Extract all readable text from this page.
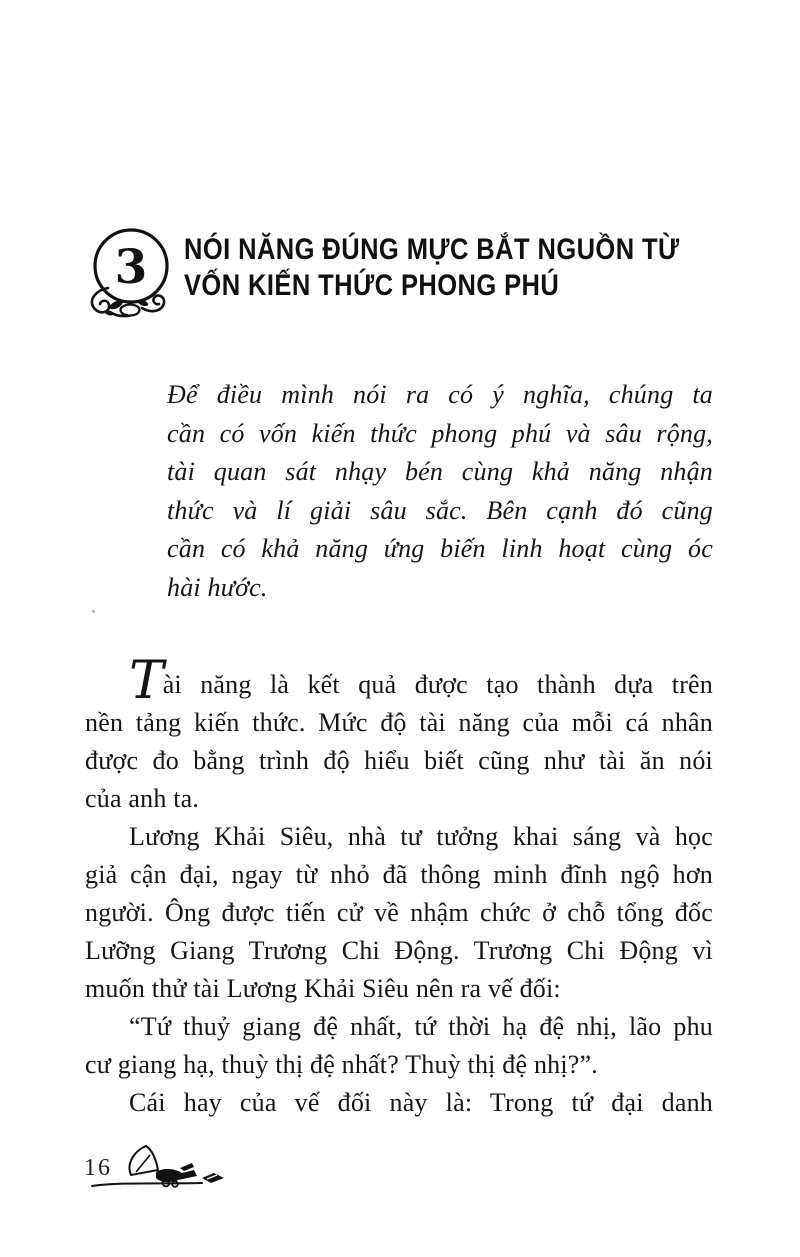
3 NÓI NĂNG ĐÚNG MỰC BẮT NGUỒN TỪ
VỐN KIẾN THỨC PHONG PHÚ
Để điều mình nói ra có ý nghĩa, chúng ta
cần có vốn kiến thức phong phú và sâu rộng,
tài quan sát nhạy bén cùng khả năng nhận
thức và lí giải sâu sắc. Bên cạnh đó cũng
cần có khả năng ứng biến linh hoạt cùng óc
hài hước.
Tài năng là kết quả được tạo thành dựa trên
nền tảng kiến thức. Mức độ tài năng của mỗi cá nhân
được đo bằng trình độ hiểu biết cũng như tài ăn nói
của anh ta.
Lương Khải Siêu, nhà tư tưởng khai sáng và học
giả cận đại, ngay từ nhỏ đã thông minh đĩnh ngộ hơn
người. Ông được tiến cử về nhậm chức ở chỗ tổng đốc
Lưỡng Giang Trương Chi Động. Trương Chi Động vì
muốn thử tài Lương Khải Siêu nên ra vế đối:
“Tứ thuỷ giang đệ nhất, tứ thời hạ đệ nhị, lão phu
cư giang hạ, thuỳ thị đệ nhất? Thuỳ thị đệ nhị?”.
Cái hay của vế đối này là: Trong tứ đại danh
16
